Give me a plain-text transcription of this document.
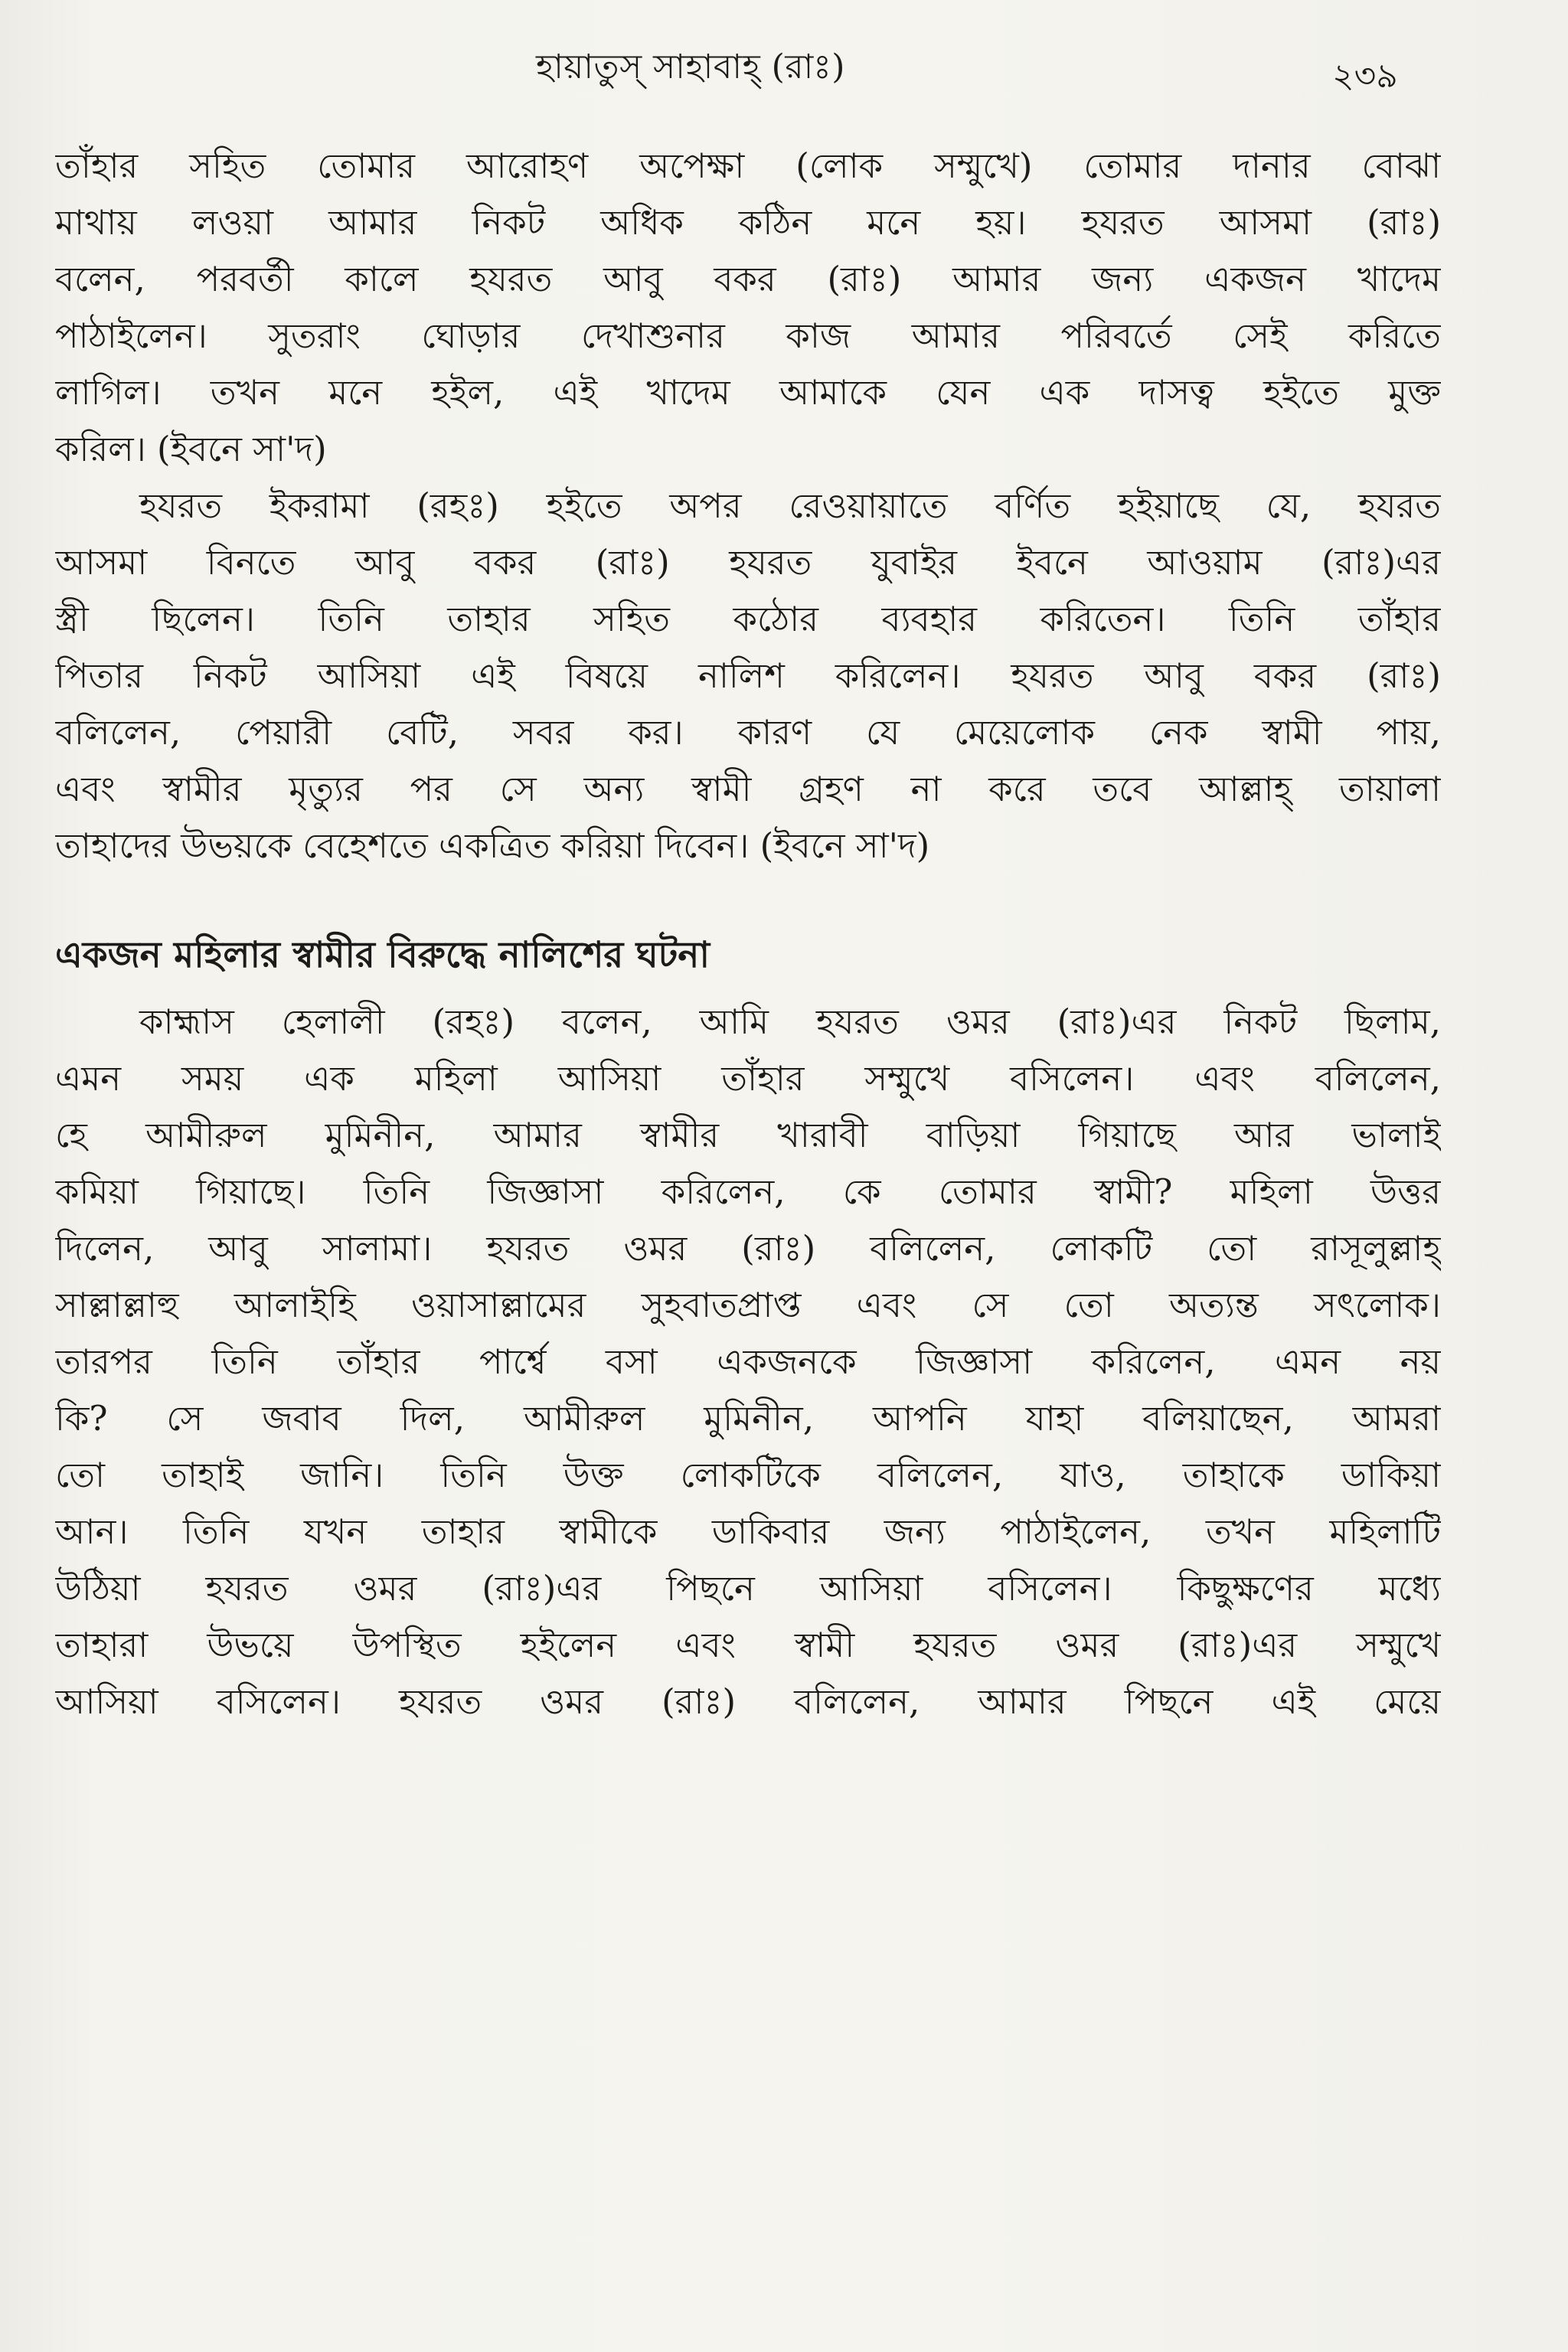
হায়াতুস্ সাহাবাহ্ (রাঃ)	২৩৯
তাঁহার সহিত তোমার আরোহণ অপেক্ষা (লোক সম্মুখে) তোমার দানার বোঝা
মাথায় লওয়া আমার নিকট অধিক কঠিন মনে হয়। হযরত আসমা (রাঃ)
বলেন, পরবর্তী কালে হযরত আবু বকর (রাঃ) আমার জন্য একজন খাদেম
পাঠাইলেন। সুতরাং ঘোড়ার দেখাশুনার কাজ আমার পরিবর্তে সেই করিতে
লাগিল। তখন মনে হইল, এই খাদেম আমাকে যেন এক দাসত্ব হইতে মুক্ত
করিল। (ইবনে সা'দ)
হযরত ইকরামা (রহঃ) হইতে অপর রেওয়ায়াতে বর্ণিত হইয়াছে যে, হযরত
আসমা বিনতে আবু বকর (রাঃ) হযরত যুবাইর ইবনে আওয়াম (রাঃ)এর
স্ত্রী ছিলেন। তিনি তাহার সহিত কঠোর ব্যবহার করিতেন। তিনি তাঁহার
পিতার নিকট আসিয়া এই বিষয়ে নালিশ করিলেন। হযরত আবু বকর (রাঃ)
বলিলেন, পেয়ারী বেটি, সবর কর। কারণ যে মেয়েলোক নেক স্বামী পায়,
এবং স্বামীর মৃত্যুর পর সে অন্য স্বামী গ্রহণ না করে তবে আল্লাহ্ তায়ালা
তাহাদের উভয়কে বেহেশতে একত্রিত করিয়া দিবেন। (ইবনে সা'দ)
একজন মহিলার স্বামীর বিরুদ্ধে নালিশের ঘটনা
কাহ্মাস হেলালী (রহঃ) বলেন, আমি হযরত ওমর (রাঃ)এর নিকট ছিলাম,
এমন সময় এক মহিলা আসিয়া তাঁহার সম্মুখে বসিলেন। এবং বলিলেন,
হে আমীরুল মুমিনীন, আমার স্বামীর খারাবী বাড়িয়া গিয়াছে আর ভালাই
কমিয়া গিয়াছে। তিনি জিজ্ঞাসা করিলেন, কে তোমার স্বামী? মহিলা উত্তর
দিলেন, আবু সালামা। হযরত ওমর (রাঃ) বলিলেন, লোকটি তো রাসূলুল্লাহ্
সাল্লাল্লাহু আলাইহি ওয়াসাল্লামের সুহবাতপ্রাপ্ত এবং সে তো অত্যন্ত সৎলোক।
তারপর তিনি তাঁহার পার্শ্বে বসা একজনকে জিজ্ঞাসা করিলেন, এমন নয়
কি? সে জবাব দিল, আমীরুল মুমিনীন, আপনি যাহা বলিয়াছেন, আমরা
তো তাহাই জানি। তিনি উক্ত লোকটিকে বলিলেন, যাও, তাহাকে ডাকিয়া
আন। তিনি যখন তাহার স্বামীকে ডাকিবার জন্য পাঠাইলেন, তখন মহিলাটি
উঠিয়া হযরত ওমর (রাঃ)এর পিছনে আসিয়া বসিলেন। কিছুক্ষণের মধ্যে
তাহারা উভয়ে উপস্থিত হইলেন এবং স্বামী হযরত ওমর (রাঃ)এর সম্মুখে
আসিয়া বসিলেন। হযরত ওমর (রাঃ) বলিলেন, আমার পিছনে এই মেয়ে
